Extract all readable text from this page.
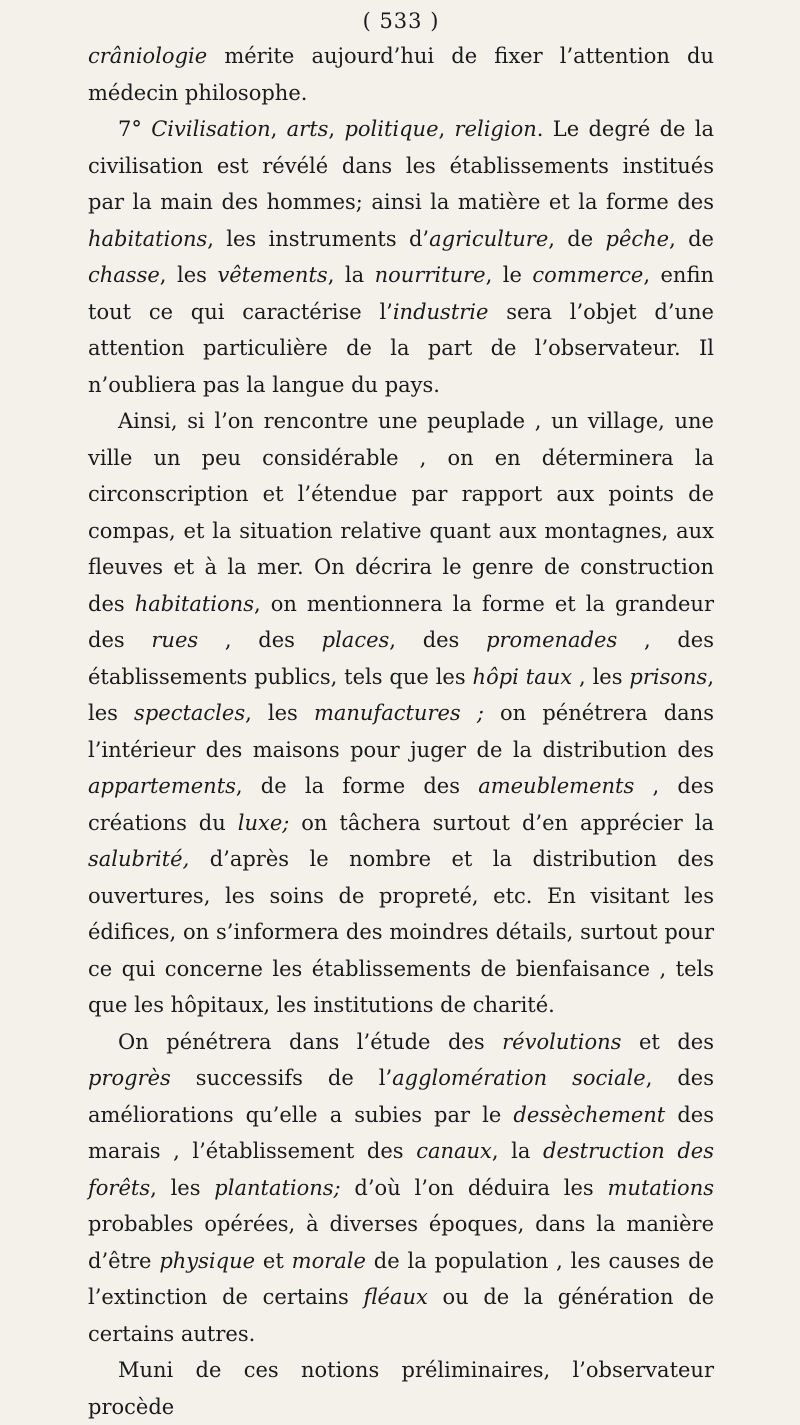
( 533 )

crâniologie mérite aujourd’hui de fixer l’attention du médecin philosophe.

7° Civilisation, arts, politique, religion. Le degré de la civilisation est révélé dans les établissements institués par la main des hommes; ainsi la matière et la forme des habitations, les instruments d’agriculture, de pêche, de chasse, les vêtements, la nourriture, le commerce, enfin tout ce qui caractérise l’industrie sera l’objet d’une attention particulière de la part de l’observateur. Il n’oubliera pas la langue du pays.

Ainsi, si l’on rencontre une peuplade , un village, une ville un peu considérable , on en déterminera la circonscription et l’étendue par rapport aux points de compas, et la situation relative quant aux montagnes, aux fleuves et à la mer. On décrira le genre de construction des habitations, on mentionnera la forme et la grandeur des rues , des places, des promenades , des établissements publics, tels que les hôpi taux , les prisons, les spectacles, les manufactures ; on pénétrera dans l’intérieur des maisons pour juger de la distribution des appartements, de la forme des ameublements , des créations du luxe; on tâchera surtout d’en apprécier la salubrité, d’après le nombre et la distribution des ouvertures, les soins de propreté, etc. En visitant les édifices, on s’informera des moindres détails, surtout pour ce qui concerne les établissements de bienfaisance , tels que les hôpitaux, les institutions de charité.

On pénétrera dans l’étude des révolutions et des progrès successifs de l’agglomération sociale, des améliorations qu’elle a subies par le dessèchement des marais , l’établissement des canaux, la destruction des forêts, les plantations; d’où l’on déduira les mutations probables opérées, à diverses époques, dans la manière d’être physique et morale de la population , les causes de l’extinction de certains fléaux ou de la génération de certains autres.

Muni de ces notions préliminaires, l’observateur procède
